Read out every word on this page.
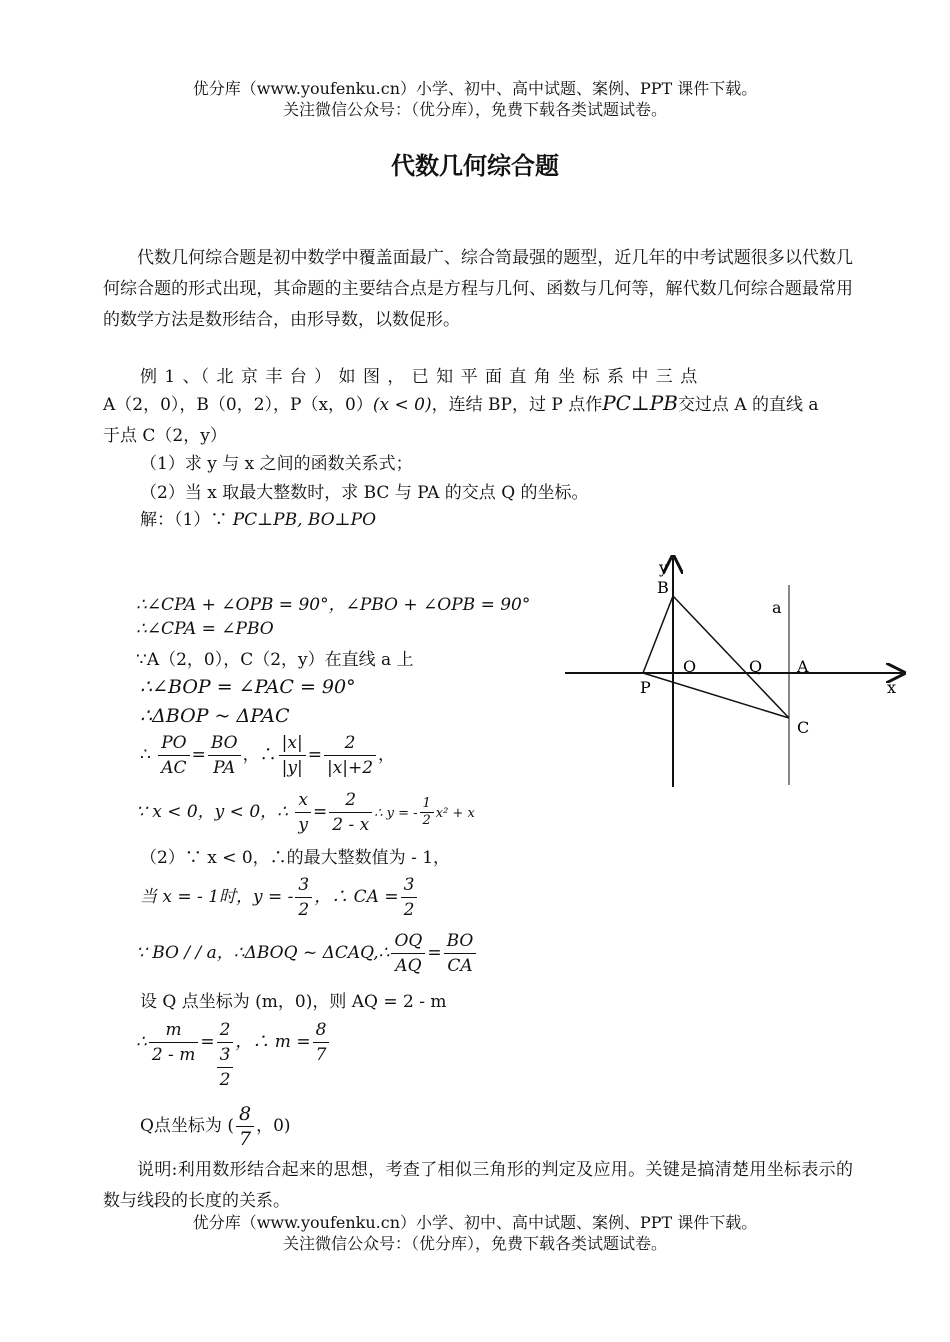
优分库（www.youfenku.cn）小学、初中、高中试题、案例、PPT 课件下载。
关注微信公众号：（优分库），免费下载各类试题试卷。
代数几何综合题
代数几何综合题是初中数学中覆盖面最广、综合笥最强的题型，近几年的中考试题很多以代数几何综合题的形式出现，其命题的主要结合点是方程与几何、函数与几何等，解代数几何综合题最常用的数学方法是数形结合，由形导数，以数促形。
例 1 、（ 北 京 丰 台 ） 如 图 ， 已 知 平 面 直 角 坐 标 系 中 三 点
A（2，0），B（0，2），P（x，0）(x < 0)，连结 BP，过 P 点作PC⊥PB交过点 A 的直线 a
于点 C（2，y）
（1）求 y 与 x 之间的函数关系式；
（2）当 x 取最大整数时，求 BC 与 PA 的交点 Q 的坐标。
解：（1）∵ PC⊥PB, BO⊥PO
∴∠CPA + ∠OPB = 90°，∠PBO + ∠OPB = 90°
∴∠CPA = ∠PBO
∵A（2，0），C（2，y）在直线 a 上
∴∠BOP = ∠PAC = 90°
∴ΔBOP ~ ΔPAC
∴ $\frac{PO}{AC} = \frac{BO}{PA}$ ，∴ $\frac{|x|}{|y|} = \frac{2}{|x|+2}$ ，
∵ x < 0，y < 0，∴ $\frac{x}{y} = \frac{2}{2 - x}$ ∴ y = - $\frac{1}{2} x^2 + x$
（2）∵ x < 0，∴的最大整数值为 - 1，
当 x = - 1时，y = - $\frac{3}{2}$ ，∴ CA = $\frac{3}{2}$
∵ BO / / a，∴ΔBOQ ~ ΔCAQ,∴ $\frac{OQ}{AQ} = \frac{BO}{CA}$
设 Q 点坐标为 (m，0)，则 AQ = 2 - m
∴ $\frac{m}{2 - m}$ =
2
3
2
，∴ $m = \frac{8}{7}$
Q点坐标为 ( $\frac{8}{7}$ ，0)
说明:利用数形结合起来的思想，考查了相似三角形的判定及应用。关键是搞清楚用坐标表示的数与线段的长度的关系。
优分库（www.youfenku.cn）小学、初中、高中试题、案例、PPT 课件下载。
关注微信公众号：（优分库），免费下载各类试题试卷。
y
B
a
O	Q A
P	x
C
